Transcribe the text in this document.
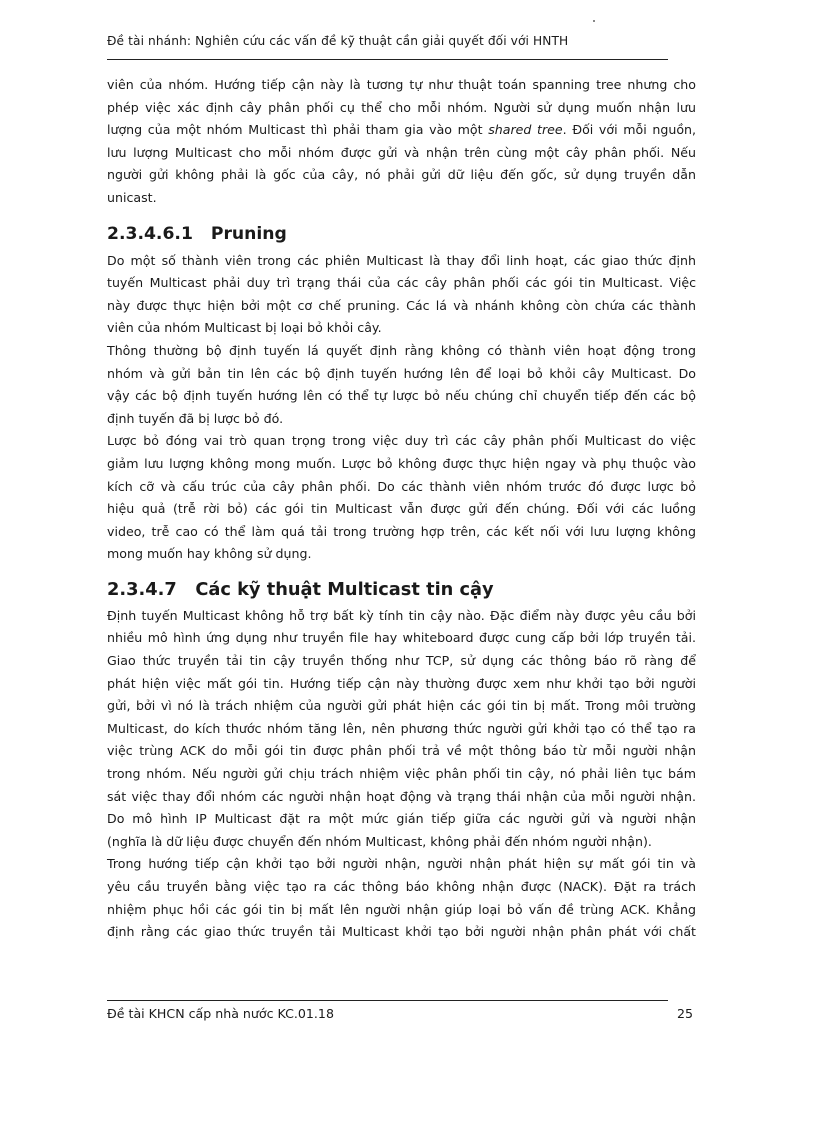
Đề tài nhánh: Nghiên cứu các vấn đề kỹ thuật cần giải quyết đối với HNTH

viên của nhóm. Hướng tiếp cận này là tương tự như thuật toán spanning tree nhưng cho
phép việc xác định cây phân phối cụ thể cho mỗi nhóm. Người sử dụng muốn nhận lưu
lượng của một nhóm Multicast thì phải tham gia vào một shared tree. Đối với mỗi nguồn,
lưu lượng Multicast cho mỗi nhóm được gửi và nhận trên cùng một cây phân phối. Nếu
người gửi không phải là gốc của cây, nó phải gửi dữ liệu đến gốc, sử dụng truyền dẫn
unicast.

2.3.4.6.1   Pruning

Do một số thành viên trong các phiên Multicast là thay đổi linh hoạt, các giao thức định
tuyến Multicast phải duy trì trạng thái của các cây phân phối các gói tin Multicast. Việc
này được thực hiện bởi một cơ chế pruning. Các lá và nhánh không còn chứa các thành
viên của nhóm Multicast bị loại bỏ khỏi cây.

Thông thường bộ định tuyến lá quyết định rằng không có thành viên hoạt động trong
nhóm và gửi bản tin lên các bộ định tuyến hướng lên để loại bỏ khỏi cây Multicast. Do
vậy các bộ định tuyến hướng lên có thể tự lược bỏ nếu chúng chỉ chuyển tiếp đến các bộ
định tuyến đã bị lược bỏ đó.

Lược bỏ đóng vai trò quan trọng trong việc duy trì các cây phân phối Multicast do việc
giảm lưu lượng không mong muốn. Lược bỏ không được thực hiện ngay và phụ thuộc vào
kích cỡ và cấu trúc của cây phân phối. Do các thành viên nhóm trước đó được lược bỏ
hiệu quả (trễ rời bỏ) các gói tin Multicast vẫn được gửi đến chúng. Đối với các luồng
video, trễ cao có thể làm quá tải trong trường hợp trên, các kết nối với lưu lượng không
mong muốn hay không sử dụng.

2.3.4.7   Các kỹ thuật Multicast tin cậy

Định tuyến Multicast không hỗ trợ bất kỳ tính tin cậy nào. Đặc điểm này được yêu cầu bởi
nhiều mô hình ứng dụng như truyền file hay whiteboard được cung cấp bởi lớp truyền tải.
Giao thức truyền tải tin cậy truyền thống như TCP, sử dụng các thông báo rõ ràng để
phát hiện việc mất gói tin. Hướng tiếp cận này thường được xem như khởi tạo bởi người
gửi, bởi vì nó là trách nhiệm của người gửi phát hiện các gói tin bị mất. Trong môi trường
Multicast, do kích thước nhóm tăng lên, nên phương thức người gửi khởi tạo có thể tạo ra
việc trùng ACK do mỗi gói tin được phân phối trả về một thông báo từ mỗi người nhận
trong nhóm. Nếu người gửi chịu trách nhiệm việc phân phối tin cậy, nó phải liên tục bám
sát việc thay đổi nhóm các người nhận hoạt động và trạng thái nhận của mỗi người nhận.
Do mô hình IP Multicast đặt ra một mức gián tiếp giữa các người gửi và người nhận
(nghĩa là dữ liệu được chuyển đến nhóm Multicast, không phải đến nhóm người nhận).

Trong hướng tiếp cận khởi tạo bởi người nhận, người nhận phát hiện sự mất gói tin và
yêu cầu truyền bằng việc tạo ra các thông báo không nhận được (NACK). Đặt ra trách
nhiệm phục hồi các gói tin bị mất lên người nhận giúp loại bỏ vấn đề trùng ACK. Khẳng
định rằng các giao thức truyền tải Multicast khởi tạo bởi người nhận phân phát với chất

Đề tài KHCN cấp nhà nước KC.01.18	25
